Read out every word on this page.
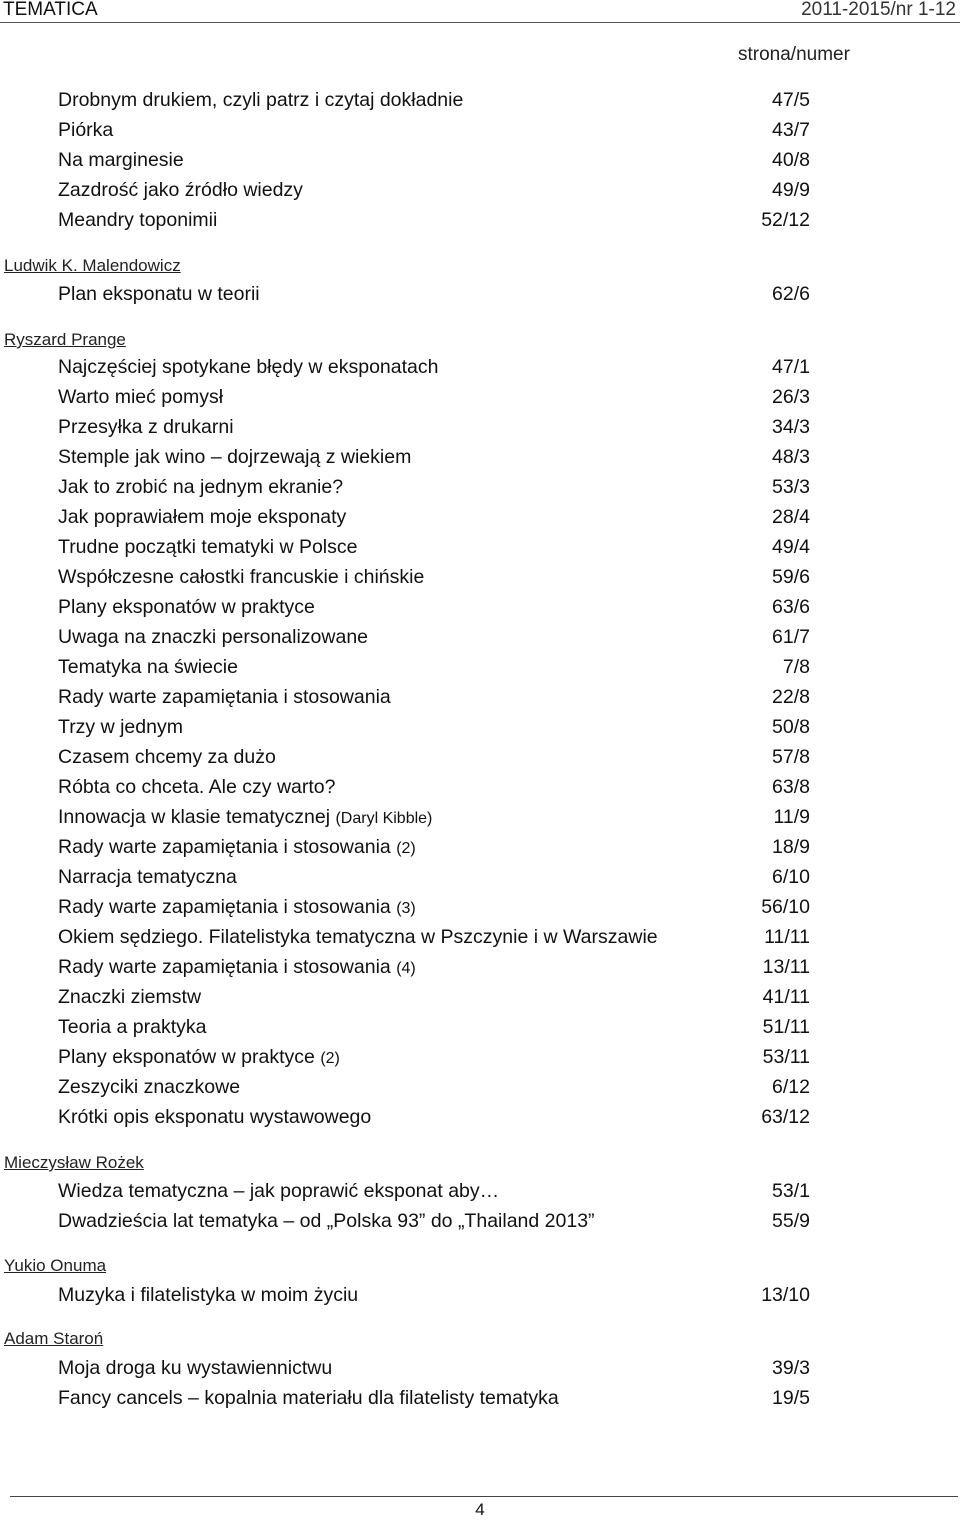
TEMATICA	2011-2015/nr 1-12
strona/numer
Drobnym drukiem, czyli patrz i czytaj dokładnie	47/5
Piórka	43/7
Na marginesie	40/8
Zazdrość jako źródło wiedzy	49/9
Meandry toponimii	52/12
Ludwik K. Malendowicz
Plan eksponatu w teorii	62/6
Ryszard Prange
Najczęściej spotykane błędy w eksponatach	47/1
Warto mieć pomysł	26/3
Przesyłka z drukarni	34/3
Stemple jak wino – dojrzewają z wiekiem	48/3
Jak to zrobić na jednym ekranie?	53/3
Jak poprawiałem moje eksponaty	28/4
Trudne początki tematyki w Polsce	49/4
Współczesne całostki francuskie i chińskie	59/6
Plany eksponatów w praktyce	63/6
Uwaga na znaczki personalizowane	61/7
Tematyka na świecie	7/8
Rady warte zapamiętania i stosowania	22/8
Trzy w jednym	50/8
Czasem chcemy za dużo	57/8
Róbta co chceta. Ale czy warto?	63/8
Innowacja w klasie tematycznej (Daryl Kibble)	11/9
Rady warte zapamiętania i stosowania (2)	18/9
Narracja tematyczna	6/10
Rady warte zapamiętania i stosowania (3)	56/10
Okiem sędziego. Filatelistyka tematyczna w Pszczynie i w Warszawie	11/11
Rady warte zapamiętania i stosowania (4)	13/11
Znaczki ziemstw	41/11
Teoria a praktyka	51/11
Plany eksponatów w praktyce (2)	53/11
Zeszyciki znaczkowe	6/12
Krótki opis eksponatu wystawowego	63/12
Mieczysław Rożek
Wiedza tematyczna – jak poprawić eksponat aby…	53/1
Dwadzieścia lat tematyka – od „Polska 93” do „Thailand 2013”	55/9
Yukio Onuma
Muzyka i filatelistyka w moim życiu	13/10
Adam Staroń
Moja droga ku wystawiennictwu	39/3
Fancy cancels – kopalnia materiału dla filatelisty tematyka	19/5
4
